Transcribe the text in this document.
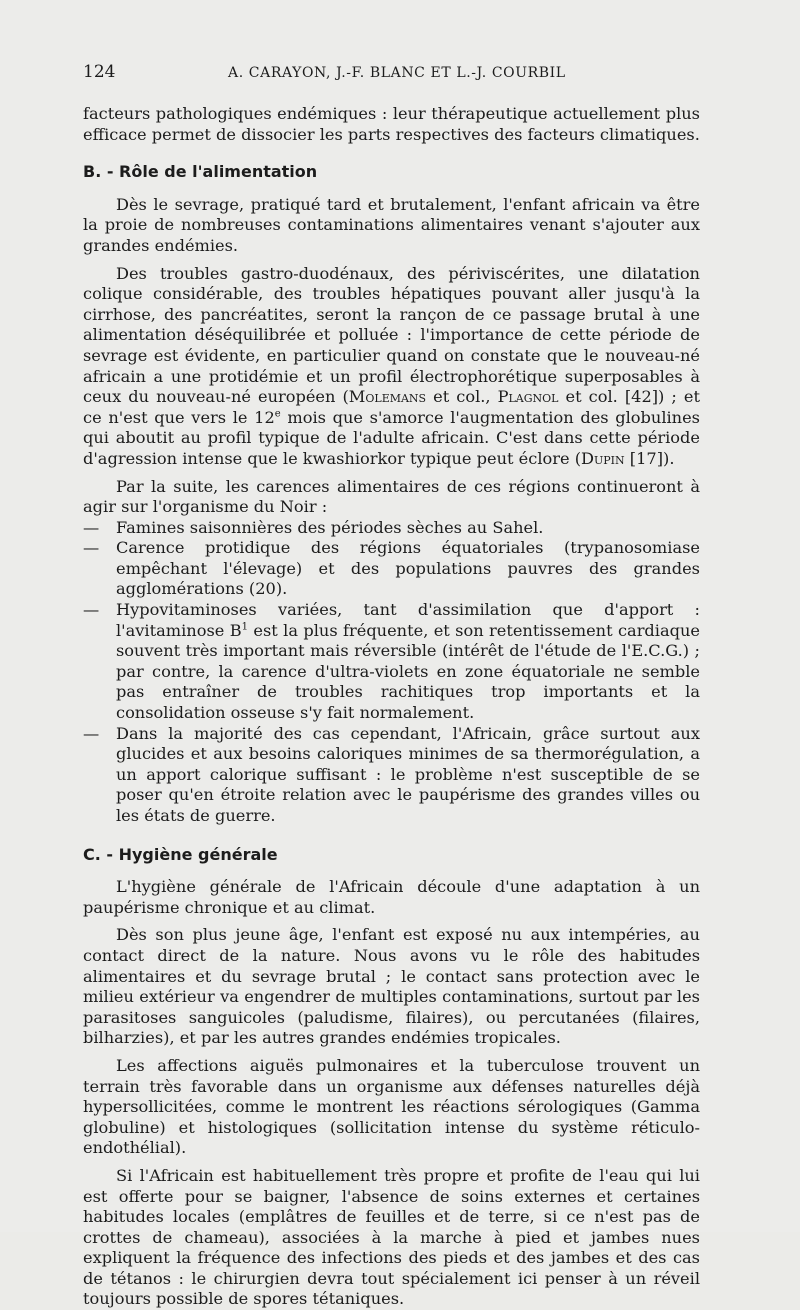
124	A. CARAYON, J.-F. BLANC ET L.-J. COURBIL

facteurs pathologiques endémiques : leur thérapeutique actuellement plus efficace permet de dissocier les parts respectives des facteurs climatiques.

B. - Rôle de l'alimentation

Dès le sevrage, pratiqué tard et brutalement, l'enfant africain va être la proie de nombreuses contaminations alimentaires venant s'ajouter aux grandes endémies.

Des troubles gastro-duodénaux, des périviscérites, une dilatation colique considérable, des troubles hépatiques pouvant aller jusqu'à la cirrhose, des pancréatites, seront la rançon de ce passage brutal à une alimentation déséquilibrée et polluée : l'importance de cette période de sevrage est évidente, en particulier quand on constate que le nouveau-né africain a une protidémie et un profil électrophorétique superposables à ceux du nouveau-né européen (Molemans et col., Plagnol et col. [42]) ; et ce n'est que vers le 12e mois que s'amorce l'augmentation des globulines qui aboutit au profil typique de l'adulte africain. C'est dans cette période d'agression intense que le kwashiorkor typique peut éclore (Dupin [17]).

Par la suite, les carences alimentaires de ces régions continueront à agir sur l'organisme du Noir :

—	Famines saisonnières des périodes sèches au Sahel.
—	Carence protidique des régions équatoriales (trypanosomiase empêchant l'élevage) et des populations pauvres des grandes agglomérations (20).
—	Hypovitaminoses variées, tant d'assimilation que d'apport : l'avitaminose $B^1$ est la plus fréquente, et son retentissement cardiaque souvent très important mais réversible (intérêt de l'étude de l'E.C.G.) ; par contre, la carence d'ultra-violets en zone équatoriale ne semble pas entraîner de troubles rachitiques trop importants et la consolidation osseuse s'y fait normalement.
—	Dans la majorité des cas cependant, l'Africain, grâce surtout aux glucides et aux besoins caloriques minimes de sa thermorégulation, a un apport calorique suffisant : le problème n'est susceptible de se poser qu'en étroite relation avec le paupérisme des grandes villes ou les états de guerre.
C. - Hygiène générale

L'hygiène générale de l'Africain découle d'une adaptation à un paupérisme chronique et au climat.

Dès son plus jeune âge, l'enfant est exposé nu aux intempéries, au contact direct de la nature. Nous avons vu le rôle des habitudes alimentaires et du sevrage brutal ; le contact sans protection avec le milieu extérieur va engendrer de multiples contaminations, surtout par les parasitoses sanguicoles (paludisme, filaires), ou percutanées (filaires, bilharzies), et par les autres grandes endémies tropicales.

Les affections aiguës pulmonaires et la tuberculose trouvent un terrain très favorable dans un organisme aux défenses naturelles déjà hypersollicitées, comme le montrent les réactions sérologiques (Gamma globuline) et histologiques (sollicitation intense du système réticulo-endothélial).

Si l'Africain est habituellement très propre et profite de l'eau qui lui est offerte pour se baigner, l'absence de soins externes et certaines habitudes locales (emplâtres de feuilles et de terre, si ce n'est pas de crottes de chameau), associées à la marche à pied et jambes nues expliquent la fréquence des infections des pieds et des jambes et des cas de tétanos : le chirurgien devra tout spécialement ici penser à un réveil toujours possible de spores tétaniques.
